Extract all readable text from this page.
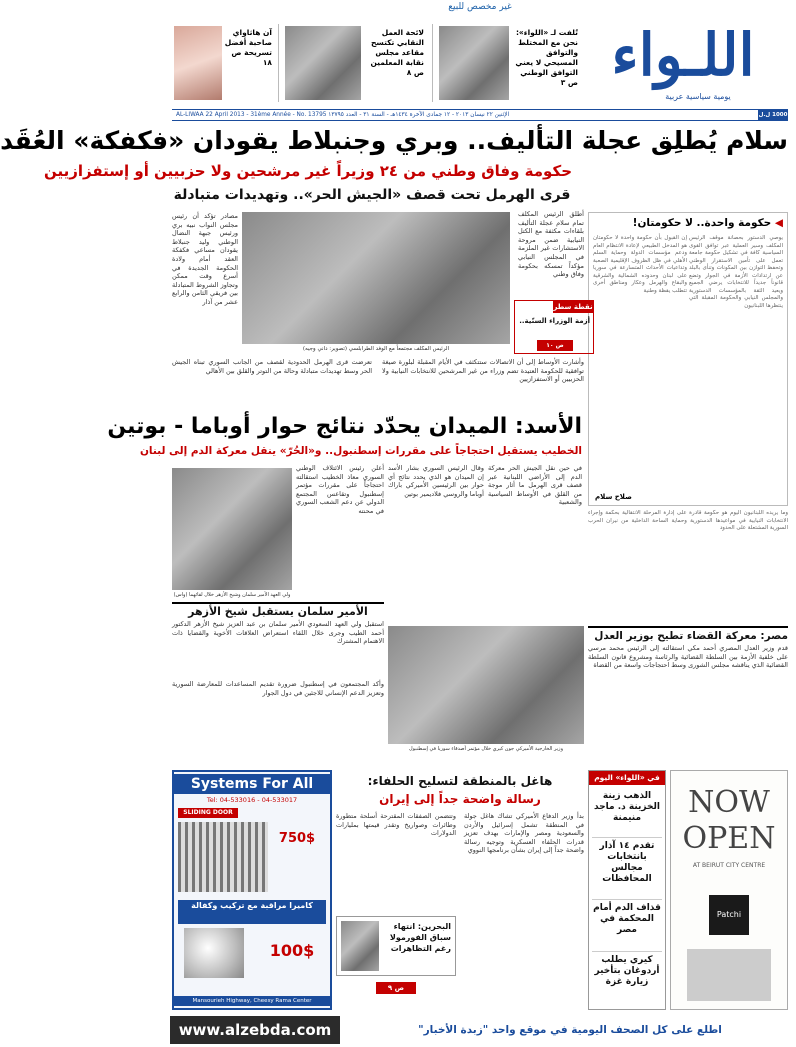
غير مخصص للبيع
اللـواء
يومية سياسية عربية
تُلفت لـ «اللواء»: نحن مع المختلط والتوافق المسيحي لا يعني التوافق الوطني ص ٣
لائحة العمل النقابي تكتسح مقاعد مجلس نقابة المعلمين ص ٨
آن هاثاواي صاحبة أفضل تسريحة ص ١٨
AL-LIWAA 22 April 2013 - 31ème Année - No. 13795 الإثنين ٢٢ نيسان ٢٠١٣ - ١٢ جمادى الآخرة ١٤٣٤هـ - السنة ٣١ - العدد ١٣٧٩٥	1000 ل.ل
سلام يُطلِق عجلة التأليف.. وبري وجنبلاط يقودان «فكفكة» العُقَد
◀ حكومة واحدة.. لا حكومتان!
يوصي الدستور بحصانة موقف الرئيس المكلف وسير العملية عبر توافق القوى السياسية كافة في تشكيل حكومة جامعة تعمل على تأمين الاستقرار الوطني وتحفظ التوازن بين المكونات وتنأى بالبلد عن ارتدادات الأزمة في الجوار وتضع قانوناً جديداً للانتخابات يرضي الجميع ويعيد الثقة بالمؤسسات الدستورية والمجلس النيابي والحكومة المقبلة التي ينتظرها اللبنانيون
إن القبول بأن حكومة واحدة لا حكومتان هو المدخل الطبيعي لإعادة الانتظام العام ودعم مؤسسات الدولة وحماية السلم الأهلي في ظل الظروف الإقليمية الصعبة وتداعيات الأحداث المتسارعة في سوريا على لبنان وحدوده الشمالية والشرقية والبقاع والهرمل وعكار ومناطق أخرى تتطلب يقظة وطنية
صلاح سلام
حكومة وفاق وطني من ٢٤ وزيراً غير مرشحين ولا حزبيين أو إستفزازيين
قرى الهرمل تحت قصف «الجيش الحر».. وتهديدات متبادلة
أطلق الرئيس المكلف تمام سلام عجلة التأليف بلقاءات مكثفة مع الكتل النيابية ضمن مروحة الاستشارات غير الملزمة في المجلس النيابي مؤكداً تمسكه بحكومة وفاق وطني
الرئيس المكلف مجتمعاً مع الوفد الطرابلسي (تصوير: داني وجيه)
مصادر تؤكد أن رئيس مجلس النواب نبيه بري ورئيس جبهة النضال الوطني وليد جنبلاط يقودان مساعي فكفكة العقد أمام ولادة الحكومة الجديدة في أسرع وقت ممكن وتجاوز الشروط المتبادلة بين فريقي الثامن والرابع عشر من آذار
نقطة سطر
أزمة الوزراء السنّية..
ص ١٠
وأشارت الأوساط إلى أن الاتصالات ستتكثف في الأيام المقبلة لبلورة صيغة توافقية للحكومة العتيدة تضم وزراء من غير المرشحين للانتخابات النيابية ولا الحزبيين أو الاستفزازيين
تعرضت قرى الهرمل الحدودية لقصف من الجانب السوري تبناه الجيش الحر وسط تهديدات متبادلة وحالة من التوتر والقلق بين الأهالي
الأسد: الميدان يحدّد نتائج حوار أوباما - بوتين
الخطيب يستقيل احتجاجاً على مقررات إسطنبول.. و«الحُرّ» ينقل معركة الدم إلى لبنان
وما يريده اللبنانيون اليوم هو حكومة قادرة على إدارة المرحلة الانتقالية بحكمة وإجراء الانتخابات النيابية في مواعيدها الدستورية وحماية الساحة الداخلية من نيران الحرب السورية المشتعلة على الحدود
ولي العهد الأمير سلمان وشيخ الأزهر خلال لقائهما (واس)
أعلن رئيس الائتلاف الوطني السوري معاذ الخطيب استقالته احتجاجاً على مقررات مؤتمر إسطنبول وتقاعس المجتمع الدولي عن دعم الشعب السوري في محنته
وقال الرئيس السوري بشار الأسد إن الميدان هو الذي يحدد نتائج أي حوار بين الرئيسين الأميركي باراك أوباما والروسي فلاديمير بوتين
في حين نقل الجيش الحر معركة الدم إلى الأراضي اللبنانية عبر قصف قرى الهرمل ما أثار موجة من القلق في الأوساط السياسية والشعبية
الأمير سلمان يستقبل شيخ الأزهر
استقبل ولي العهد السعودي الأمير سلمان بن عبد العزيز شيخ الأزهر الدكتور أحمد الطيب وجرى خلال اللقاء استعراض العلاقات الأخوية والقضايا ذات الاهتمام المشترك	مصر: معركة القضاء تطيح بوزير العدل
قدم وزير العدل المصري أحمد مكي استقالته إلى الرئيس محمد مرسي على خلفية الأزمة بين السلطة القضائية والرئاسة ومشروع قانون السلطة القضائية الذي يناقشه مجلس الشورى وسط احتجاجات واسعة من القضاة
وزير الخارجية الأميركي جون كيري خلال مؤتمر أصدقاء سوريا في إسطنبول
وأكد المجتمعون في إسطنبول ضرورة تقديم المساعدات للمعارضة السورية وتعزيز الدعم الإنساني للاجئين في دول الجوار
Systems For All
Tel: 04-533016 - 04-533017
SLIDING DOOR
750$
كاميرا مراقبة مع تركيب وكفالة
100$
Mansourieh Highway, Cheesy Rama Center
هاغل بالمنطقة لتسليح الحلفاء:
رسالة واضحة جداً إلى إيران
بدأ وزير الدفاع الأميركي تشاك هاغل جولة في المنطقة تشمل إسرائيل والأردن والسعودية ومصر والإمارات بهدف تعزيز قدرات الحلفاء العسكرية وتوجيه رسالة واضحة جداً إلى إيران بشأن برنامجها النووي
وتتضمن الصفقات المقترحة أسلحة متطورة وطائرات وصواريخ وتقدر قيمتها بمليارات الدولارات
البحرين: انتهاء سباق الفورمولا رغم التظاهرات
ص ٩
في «اللواء» اليوم
الذهب زينة الخزينة د. ماجد منيمنة
تقدم ١٤ آذار بانتخابات مجالس المحافظات
قذاف الدم أمام المحكمة في مصر
كيري يطلب أردوغان بتأخير زيارة غزة
NOW
OPEN
AT BEIRUT CITY CENTRE
Patchi
www.alzebda.com	اطلع على كل الصحف اليومية في موقع واحد "زبدة الأخبار"
